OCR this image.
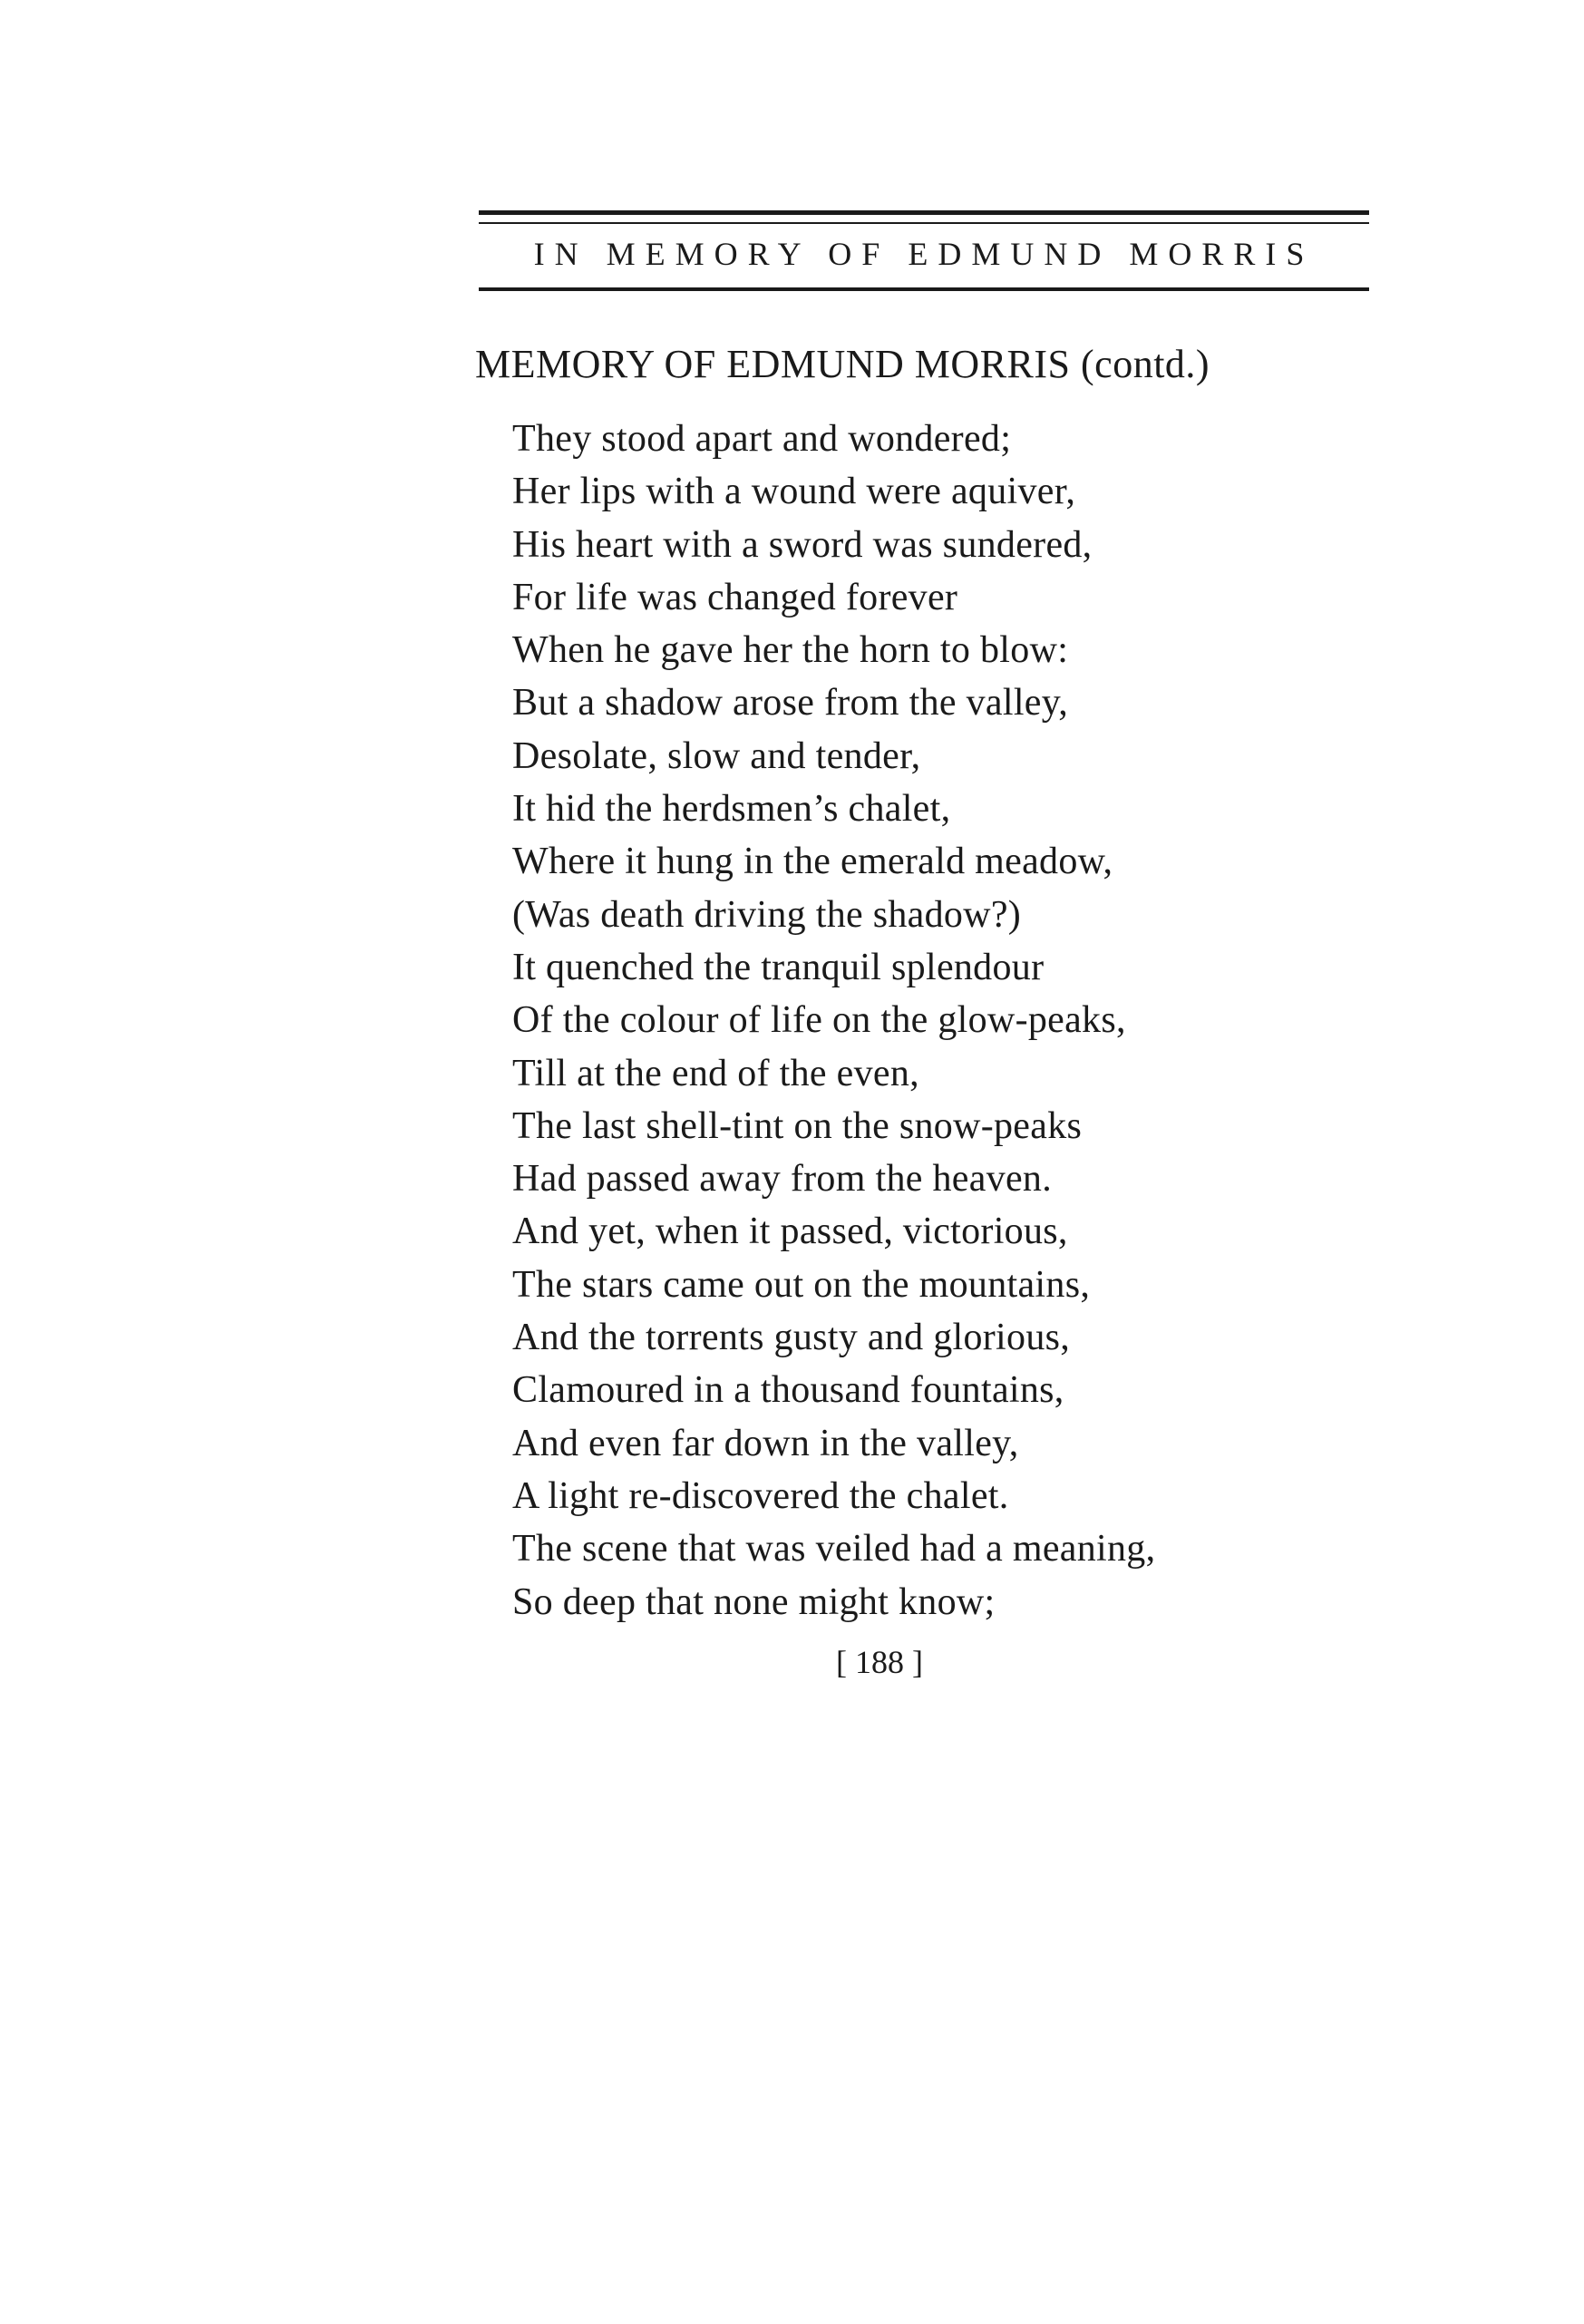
IN MEMORY OF EDMUND MORRIS
MEMORY OF EDMUND MORRIS (contd.)
They stood apart and wondered;
Her lips with a wound were aquiver,
His heart with a sword was sundered,
For life was changed forever
When he gave her the horn to blow:
But a shadow arose from the valley,
Desolate, slow and tender,
It hid the herdsmen’s chalet,
Where it hung in the emerald meadow,
(Was death driving the shadow?)
It quenched the tranquil splendour
Of the colour of life on the glow-peaks,
Till at the end of the even,
The last shell-tint on the snow-peaks
Had passed away from the heaven.
And yet, when it passed, victorious,
The stars came out on the mountains,
And the torrents gusty and glorious,
Clamoured in a thousand fountains,
And even far down in the valley,
A light re-discovered the chalet.
The scene that was veiled had a meaning,
So deep that none might know;
[ 188 ]
